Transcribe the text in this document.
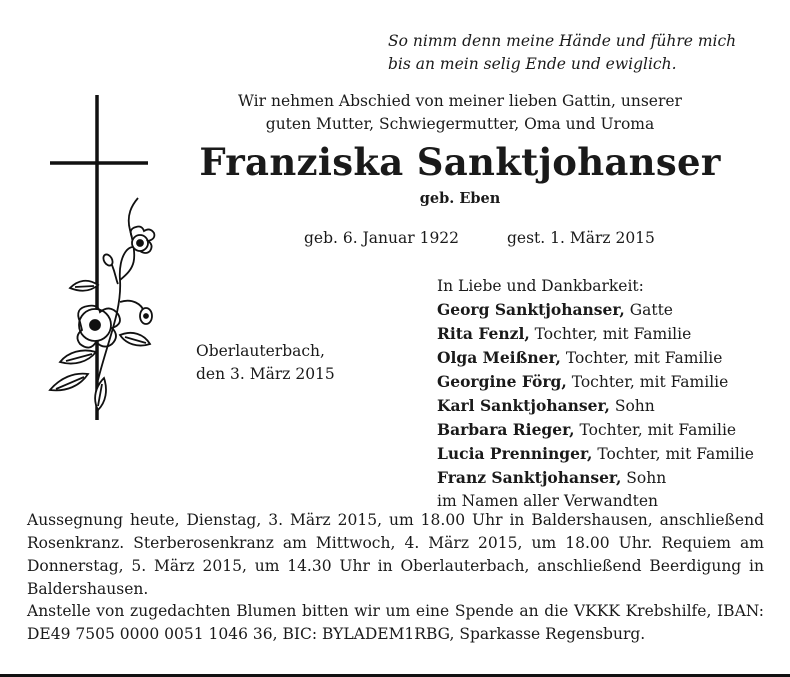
So nimm denn meine Hände und führe mich
bis an mein selig Ende und ewiglich.
Wir nehmen Abschied von meiner lieben Gattin, unserer
guten Mutter, Schwiegermutter, Oma und Uroma
Franziska Sanktjohanser
geb. Eben
geb. 6. Januar 1922	gest. 1. März 2015
Oberlauterbach,
den 3. März 2015
In Liebe und Dankbarkeit:
Georg Sanktjohanser, Gatte
Rita Fenzl, Tochter, mit Familie
Olga Meißner, Tochter, mit Familie
Georgine Förg, Tochter, mit Familie
Karl Sanktjohanser, Sohn
Barbara Rieger, Tochter, mit Familie
Lucia Prenninger, Tochter, mit Familie
Franz Sanktjohanser, Sohn
im Namen aller Verwandten
Aussegnung heute, Dienstag, 3. März 2015, um 18.00 Uhr in Baldershausen, anschließend Rosenkranz. Sterberosenkranz am Mittwoch, 4. März 2015, um 18.00 Uhr. Requiem am Donnerstag, 5. März 2015, um 14.30 Uhr in Oberlauterbach, anschließend Beerdigung in Baldershausen.
Anstelle von zugedachten Blumen bitten wir um eine Spende an die VKKK Krebshilfe, IBAN: DE49 7505 0000 0051 1046 36, BIC: BYLADEM1RBG, Sparkasse Regensburg.
